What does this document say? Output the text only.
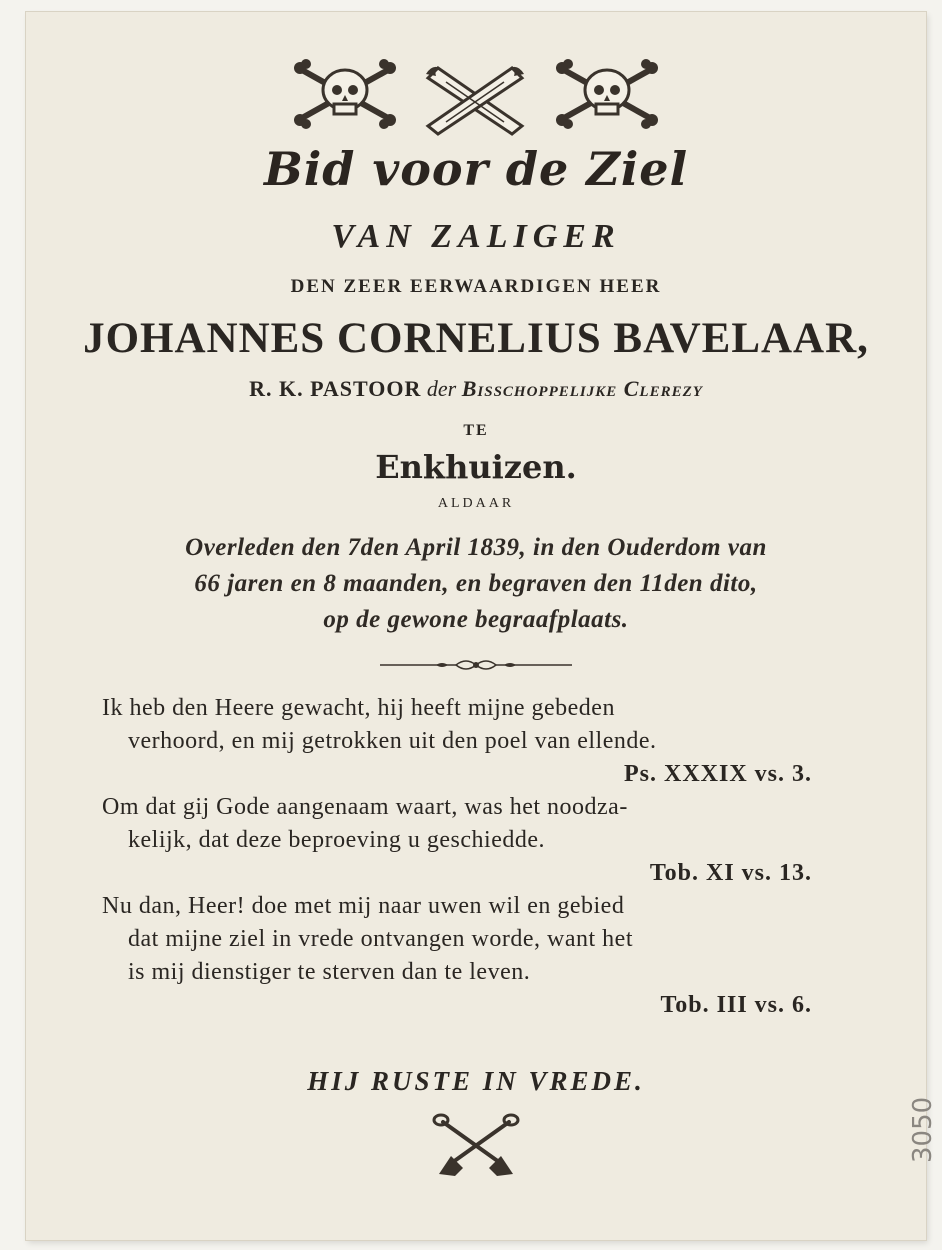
Bid voor de Ziel
VAN ZALIGER
DEN ZEER EERWAARDIGEN HEER
JOHANNES CORNELIUS BAVELAAR,
R. K. PASTOOR der Bisschoppelijke Clerezy
TE
Enkhuizen.
ALDAAR
Overleden den 7den April 1839, in den Ouderdom van
66 jaren en 8 maanden, en begraven den 11den dito,
op de gewone begraafplaats.
Ik heb den Heere gewacht, hij heeft mijne gebeden
verhoord, en mij getrokken uit den poel van ellende.
Ps. XXXIX vs. 3.
Om dat gij Gode aangenaam waart, was het noodza-
kelijk, dat deze beproeving u geschiedde.
Tob. XI vs. 13.
Nu dan, Heer! doe met mij naar uwen wil en gebied
dat mijne ziel in vrede ontvangen worde, want het
is mij dienstiger te sterven dan te leven.
Tob. III vs. 6.
HIJ RUSTE IN VREDE.
3050
